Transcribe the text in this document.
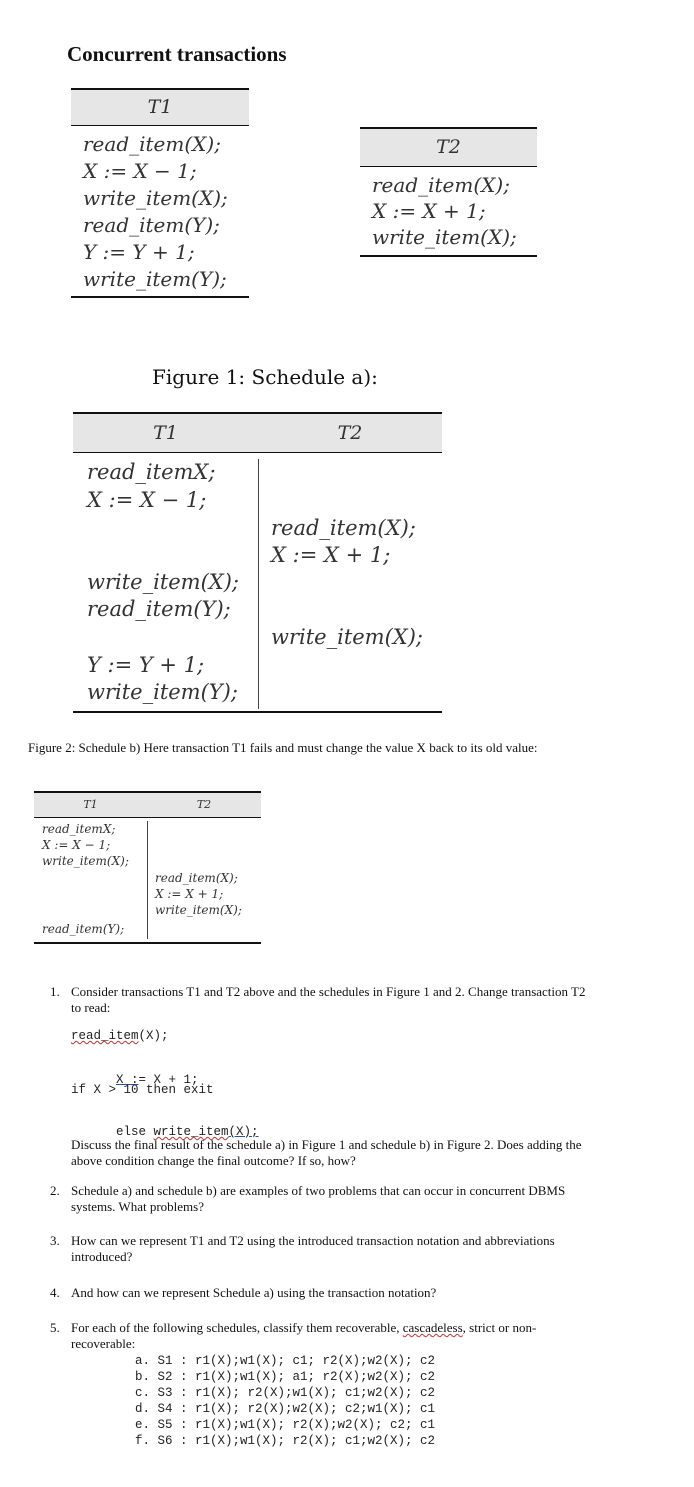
Concurrent transactions
T1
read_item(X);
X := X − 1;
write_item(X);
read_item(Y);
Y := Y + 1;
write_item(Y);
T2
read_item(X);
X := X + 1;
write_item(X);
Figure 1: Schedule a):
T1	T2
read_itemX;
X := X − 1;
read_item(X);
X := X + 1;
write_item(X);
read_item(Y);
write_item(X);
Y := Y + 1;
write_item(Y);
Figure 2: Schedule b) Here transaction T1 fails and must change the value X back to its old value:
T1	T2
read_itemX;
X := X − 1;
write_item(X);
read_item(X);
X := X + 1;
write_item(X);
read_item(Y);
1. Consider transactions T1 and T2 above and the schedules in Figure 1 and 2. Change transaction T2 to read:
read_item(X);

X := X + 1;

if X > 10 then exit

else write_item(X);

Discuss the final result of the schedule a) in Figure 1 and schedule b) in Figure 2. Does adding the above condition change the final outcome? If so, how?
2. Schedule a) and schedule b) are examples of two problems that can occur in concurrent DBMS systems. What problems?
3. How can we represent T1 and T2 using the introduced transaction notation and abbreviations introduced?
4. And how can we represent Schedule a) using the transaction notation?
5. For each of the following schedules, classify them recoverable, cascadeless, strict or non-recoverable:
a. S1 : r1(X);w1(X); c1; r2(X);w2(X); c2
b. S2 : r1(X);w1(X); a1; r2(X);w2(X); c2
c. S3 : r1(X); r2(X);w1(X); c1;w2(X); c2
d. S4 : r1(X); r2(X);w2(X); c2;w1(X); c1
e. S5 : r1(X);w1(X); r2(X);w2(X); c2; c1
f. S6 : r1(X);w1(X); r2(X); c1;w2(X); c2
